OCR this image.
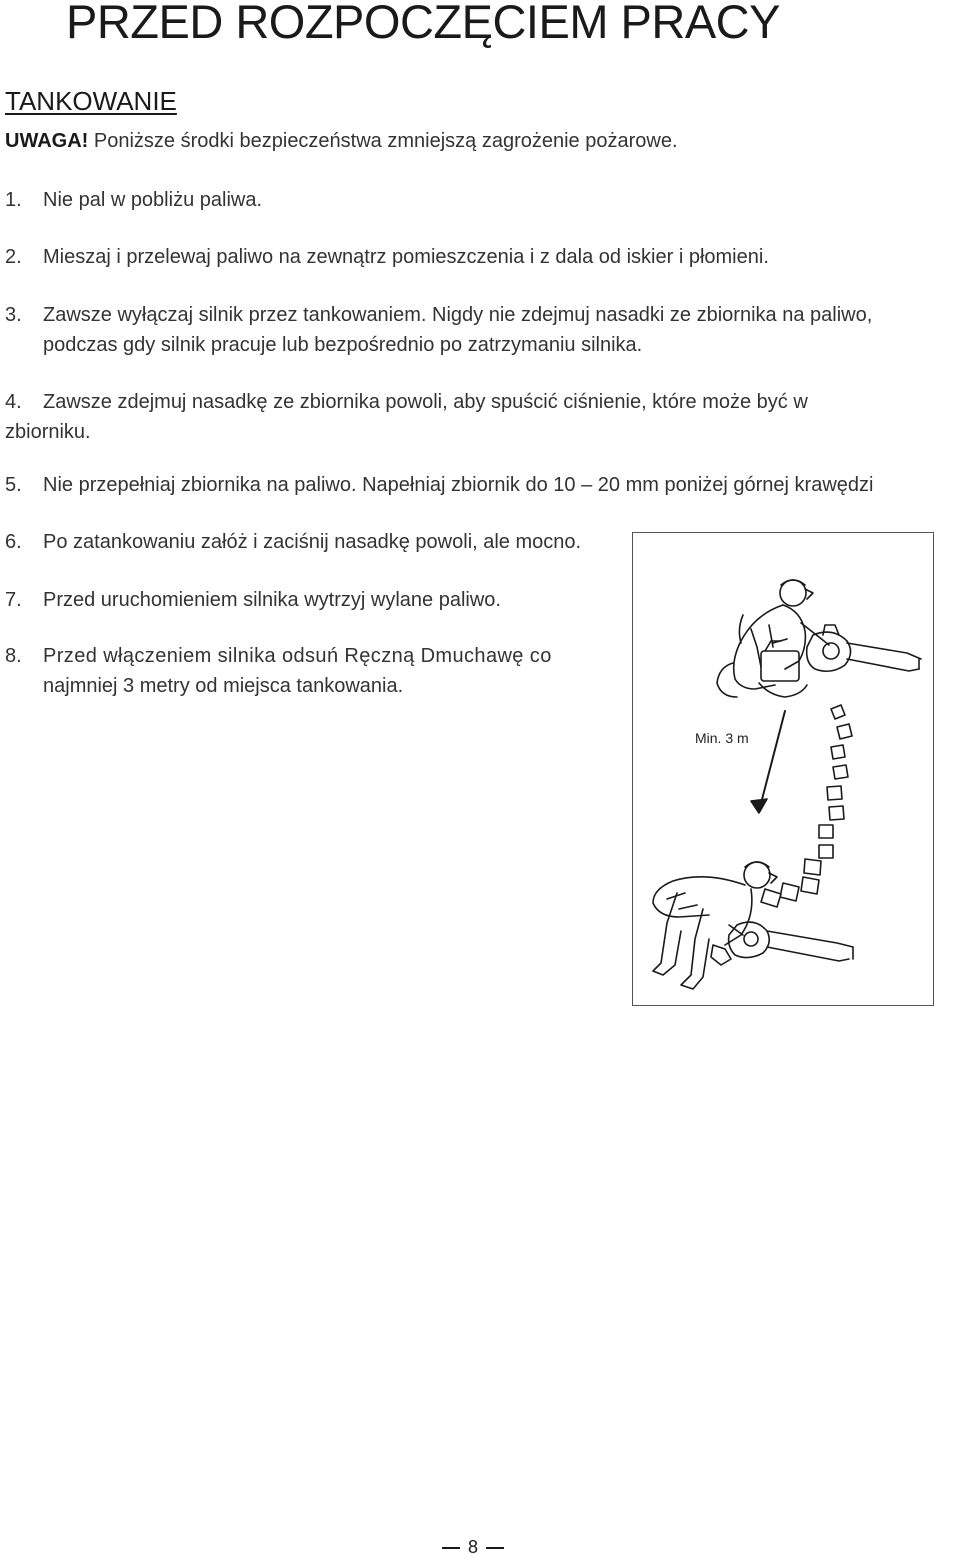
PRZED ROZPOCZĘCIEM PRACY
TANKOWANIE

UWAGA! Poniższe środki bezpieczeństwa zmniejszą zagrożenie pożarowe.

1.	Nie pal w pobliżu paliwa.
2.	Mieszaj i przelewaj paliwo na zewnątrz pomieszczenia i z dala od iskier i płomieni.
3.	Zawsze wyłączaj silnik przez tankowaniem. Nigdy nie zdejmuj nasadki ze zbiornika na paliwo,
podczas gdy silnik pracuje lub bezpośrednio po zatrzymaniu silnika.
4.	Zawsze zdejmuj nasadkę ze zbiornika powoli, aby spuścić ciśnienie, które może być w
zbiorniku.
5.	Nie przepełniaj zbiornika na paliwo. Napełniaj zbiornik do 10 – 20 mm poniżej górnej krawędzi
6.	Po zatankowaniu załóż i zaciśnij nasadkę powoli, ale mocno.
7.	Przed uruchomieniem silnika wytrzyj wylane paliwo.
8.	Przed włączeniem silnika odsuń Ręczną Dmuchawę co
najmniej 3 metry od miejsca tankowania.
Min. 3 m
8
